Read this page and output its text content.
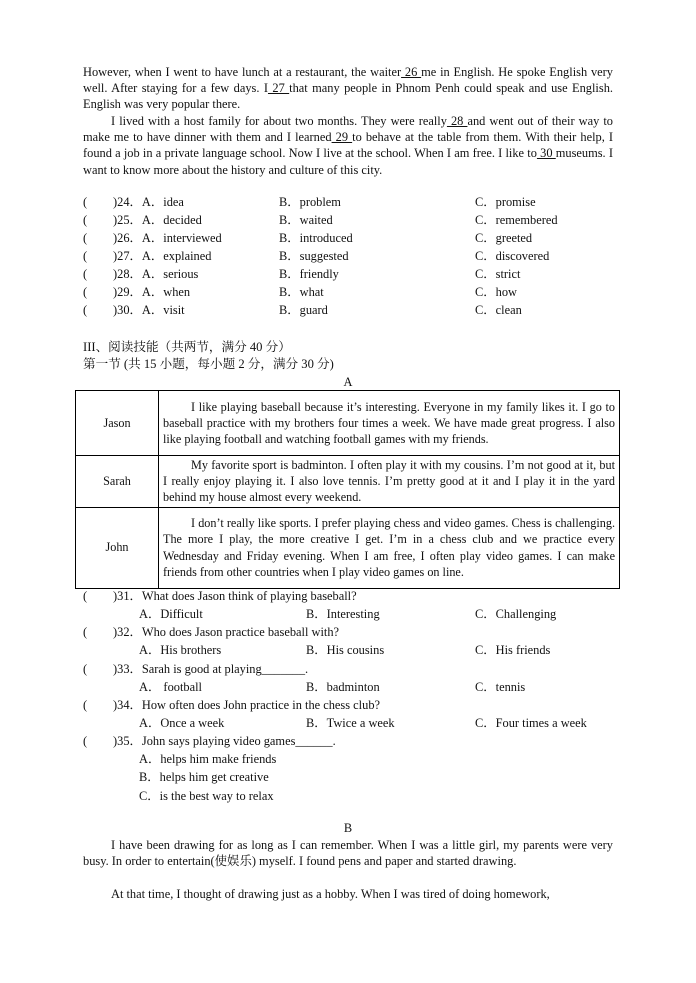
However, when I went to have lunch at a restaurant, the waiter 26 me in English. He spoke English very well. After staying for a few days. I 27 that many people in Phnom Penh could speak and use English. English was very popular there.
I lived with a host family for about two months. They were really 28 and went out of their way to make me to have dinner with them and I learned 29 to behave at the table from them. With their help, I found a job in a private language school. Now I live at the school. When I am free. I like to 30 museums. I want to know more about the history and culture of this city.
( )24．A．idea	B．problem	C．promise
( )25．A．decided	B．waited	C．remembered
( )26．A．interviewed	B．introduced	C．greeted
( )27．A．explained	B．suggested	C．discovered
( )28．A．serious	B．friendly	C．strict
( )29．A．when	B．what	C．how
( )30．A．visit	B．guard	C．clean
III、阅读技能（共两节，满分 40 分）
第一节 (共 15 小题，每小题 2 分，满分 30 分)
A
Jason	I like playing baseball because it’s interesting. Everyone in my family likes it. I go to baseball practice with my brothers four times a week. We have made great progress. I also like playing football and watching football games with my friends.
Sarah	My favorite sport is badminton. I often play it with my cousins. I’m not good at it, but I really enjoy playing it. I also love tennis. I’m pretty good at it and I play it in the yard behind my house almost every weekend.
John	I don’t really like sports. I prefer playing chess and video games. Chess is challenging. The more I play, the more creative I get. I’m in a chess club and we practice every Wednesday and Friday evening. When I am free, I often play video games. I can make friends from other countries when I play video games on line.
( )31．What does Jason think of playing baseball?
A．Difficult	B．Interesting	C．Challenging
( )32．Who does Jason practice baseball with?
A．His brothers	B．His cousins	C．His friends
( )33．Sarah is good at playing_______.
A． football	B．badminton	C．tennis
( )34．How often does John practice in the chess club?
A．Once a week	B．Twice a week	C．Four times a week
( )35．John says playing video games______.
A．helps him make friends
B．helps him get creative
C．is the best way to relax
B
I have been drawing for as long as I can remember. When I was a little girl, my parents were very busy. In order to entertain(使娱乐) myself. I found pens and paper and started drawing.
At that time, I thought of drawing just as a hobby. When I was tired of doing homework,
